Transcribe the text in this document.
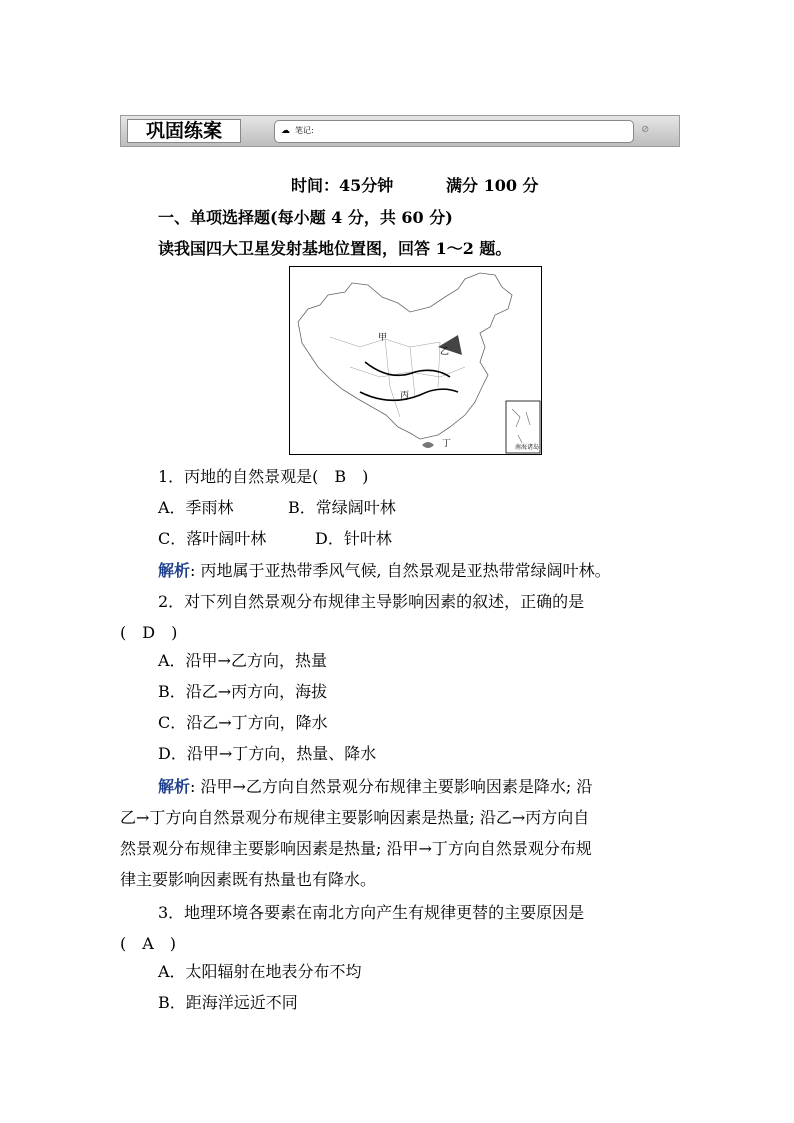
巩固练案	☁ 笔记:	⊘
时间：45分钟	满分 100 分
一、单项选择题(每小题 4 分，共 60 分)
读我国四大卫星发射基地位置图，回答 1～2 题。
甲
乙
丙
丁	南海诸岛
1．丙地的自然景观是(　B　)
A．季雨林	B．常绿阔叶林
C．落叶阔叶林	D．针叶林
解析: 丙地属于亚热带季风气候, 自然景观是亚热带常绿阔叶林。
2．对下列自然景观分布规律主导影响因素的叙述，正确的是
(　D　)
A．沿甲→乙方向，热量
B．沿乙→丙方向，海拔
C．沿乙→丁方向，降水
D．沿甲→丁方向，热量、降水
解析: 沿甲→乙方向自然景观分布规律主要影响因素是降水; 沿
乙→丁方向自然景观分布规律主要影响因素是热量; 沿乙→丙方向自
然景观分布规律主要影响因素是热量; 沿甲→丁方向自然景观分布规
律主要影响因素既有热量也有降水。
3．地理环境各要素在南北方向产生有规律更替的主要原因是
(　A　)
A．太阳辐射在地表分布不均
B．距海洋远近不同
